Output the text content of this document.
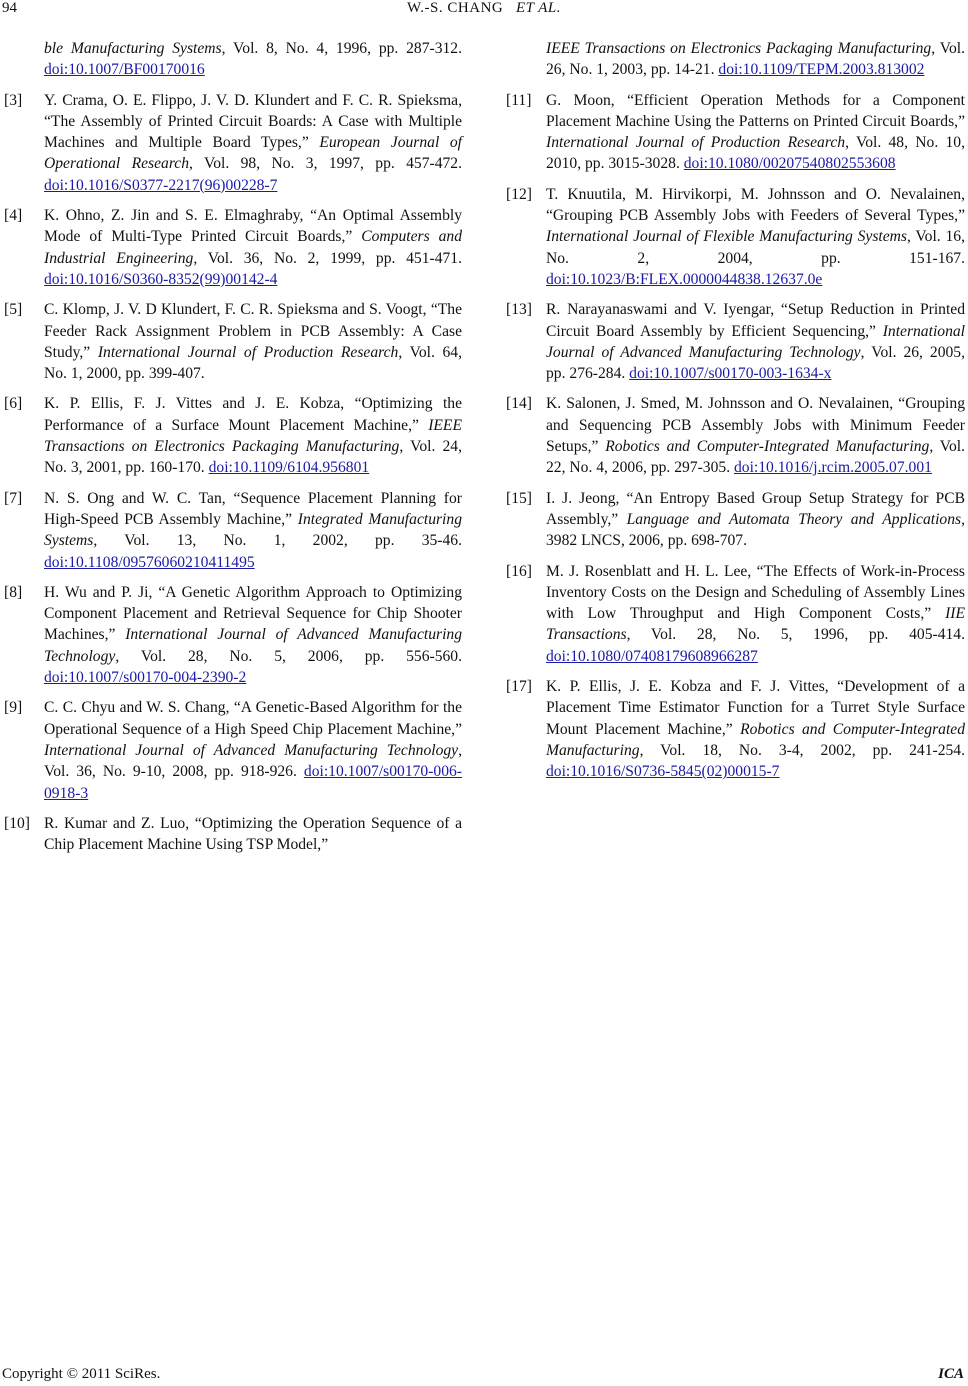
94	W.-S. CHANG ET AL.
ble Manufacturing Systems, Vol. 8, No. 4, 1996, pp. 287-312. doi:10.1007/BF00170016
[3] Y. Crama, O. E. Flippo, J. V. D. Klundert and F. C. R. Spieksma, “The Assembly of Printed Circuit Boards: A Case with Multiple Machines and Multiple Board Types,” European Journal of Operational Research, Vol. 98, No. 3, 1997, pp. 457-472. doi:10.1016/S0377-2217(96)00228-7
[4] K. Ohno, Z. Jin and S. E. Elmaghraby, “An Optimal Assembly Mode of Multi-Type Printed Circuit Boards,” Computers and Industrial Engineering, Vol. 36, No. 2, 1999, pp. 451-471. doi:10.1016/S0360-8352(99)00142-4
[5] C. Klomp, J. V. D Klundert, F. C. R. Spieksma and S. Voogt, “The Feeder Rack Assignment Problem in PCB Assembly: A Case Study,” International Journal of Production Research, Vol. 64, No. 1, 2000, pp. 399-407.
[6] K. P. Ellis, F. J. Vittes and J. E. Kobza, “Optimizing the Performance of a Surface Mount Placement Machine,” IEEE Transactions on Electronics Packaging Manufacturing, Vol. 24, No. 3, 2001, pp. 160-170. doi:10.1109/6104.956801
[7] N. S. Ong and W. C. Tan, “Sequence Placement Planning for High-Speed PCB Assembly Machine,” Integrated Manufacturing Systems, Vol. 13, No. 1, 2002, pp. 35-46. doi:10.1108/09576060210411495
[8] H. Wu and P. Ji, “A Genetic Algorithm Approach to Optimizing Component Placement and Retrieval Sequence for Chip Shooter Machines,” International Journal of Advanced Manufacturing Technology, Vol. 28, No. 5, 2006, pp. 556-560. doi:10.1007/s00170-004-2390-2
[9] C. C. Chyu and W. S. Chang, “A Genetic-Based Algorithm for the Operational Sequence of a High Speed Chip Placement Machine,” International Journal of Advanced Manufacturing Technology, Vol. 36, No. 9-10, 2008, pp. 918-926. doi:10.1007/s00170-006-0918-3
[10] R. Kumar and Z. Luo, “Optimizing the Operation Sequence of a Chip Placement Machine Using TSP Model,”
IEEE Transactions on Electronics Packaging Manufacturing, Vol. 26, No. 1, 2003, pp. 14-21. doi:10.1109/TEPM.2003.813002
[11] G. Moon, “Efficient Operation Methods for a Component Placement Machine Using the Patterns on Printed Circuit Boards,” International Journal of Production Research, Vol. 48, No. 10, 2010, pp. 3015-3028. doi:10.1080/00207540802553608
[12] T. Knuutila, M. Hirvikorpi, M. Johnsson and O. Nevalainen, “Grouping PCB Assembly Jobs with Feeders of Several Types,” International Journal of Flexible Manufacturing Systems, Vol. 16, No. 2, 2004, pp. 151-167. doi:10.1023/B:FLEX.0000044838.12637.0e
[13] R. Narayanaswami and V. Iyengar, “Setup Reduction in Printed Circuit Board Assembly by Efficient Sequencing,” International Journal of Advanced Manufacturing Technology, Vol. 26, 2005, pp. 276-284. doi:10.1007/s00170-003-1634-x
[14] K. Salonen, J. Smed, M. Johnsson and O. Nevalainen, “Grouping and Sequencing PCB Assembly Jobs with Minimum Feeder Setups,” Robotics and Computer-Integrated Manufacturing, Vol. 22, No. 4, 2006, pp. 297-305. doi:10.1016/j.rcim.2005.07.001
[15] I. J. Jeong, “An Entropy Based Group Setup Strategy for PCB Assembly,” Language and Automata Theory and Applications, 3982 LNCS, 2006, pp. 698-707.
[16] M. J. Rosenblatt and H. L. Lee, “The Effects of Work-in-Process Inventory Costs on the Design and Scheduling of Assembly Lines with Low Throughput and High Component Costs,” IIE Transactions, Vol. 28, No. 5, 1996, pp. 405-414. doi:10.1080/07408179608966287
[17] K. P. Ellis, J. E. Kobza and F. J. Vittes, “Development of a Placement Time Estimator Function for a Turret Style Surface Mount Placement Machine,” Robotics and Computer-Integrated Manufacturing, Vol. 18, No. 3-4, 2002, pp. 241-254. doi:10.1016/S0736-5845(02)00015-7
Copyright © 2011 SciRes.	ICA
